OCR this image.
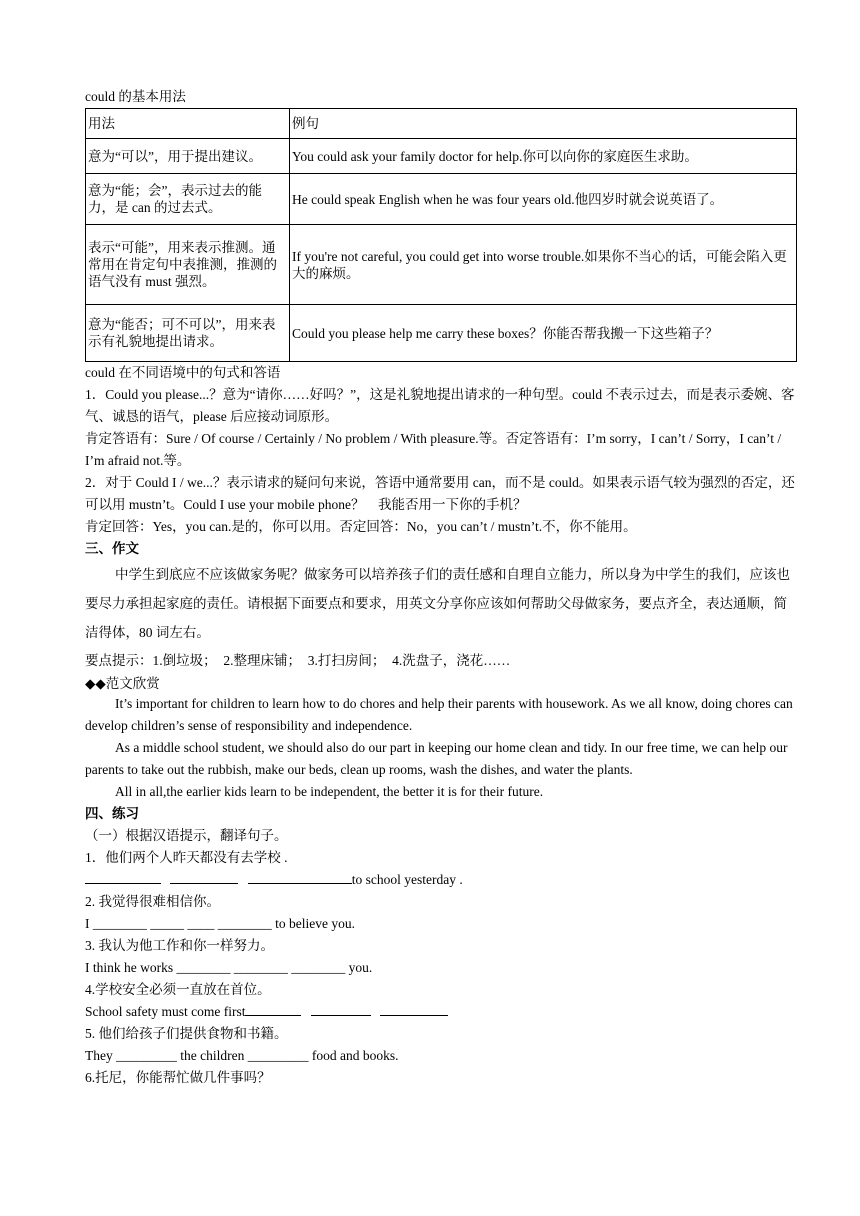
could 的基本用法
用法	例句
意为“可以”，用于提出建议。	You could ask your family doctor for help.你可以向你的家庭医生求助。
意为“能；会”，表示过去的能力，是 can 的过去式。	He could speak English when he was four years old.他四岁时就会说英语了。
表示“可能”，用来表示推测。通常用在肯定句中表推测，推测的语气没有 must 强烈。	If you're not careful, you could get into worse trouble.如果你不当心的话，可能会陷入更大的麻烦。
意为“能否；可不可以”，用来表示有礼貌地提出请求。	Could you please help me carry these boxes？你能否帮我搬一下这些箱子？
could 在不同语境中的句式和答语
1．Could you please...？意为“请你……好吗？”，这是礼貌地提出请求的一种句型。could 不表示过去，而是表示委婉、客气、诚恳的语气，please 后应接动词原形。
肯定答语有：Sure / Of course / Certainly / No problem / With pleasure.等。否定答语有：I’m sorry，I can’t / Sorry，I can’t / I’m afraid not.等。
2．对于 Could I / we...？表示请求的疑问句来说，答语中通常要用 can，而不是 could。如果表示语气较为强烈的否定，还可以用 mustn’t。Could I use your mobile phone？　我能否用一下你的手机？
肯定回答：Yes，you can.是的，你可以用。否定回答：No，you can’t / mustn’t.不，你不能用。
三、作文
中学生到底应不应该做家务呢？做家务可以培养孩子们的责任感和自理自立能力，所以身为中学生的我们，应该也要尽力承担起家庭的责任。请根据下面要点和要求，用英文分享你应该如何帮助父母做家务，要点齐全，表达通顺，简洁得体，80 词左右。
要点提示：1.倒垃圾；　2.整理床铺；　3.打扫房间；　4.洗盘子，浇花……
◆◆范文欣赏
It’s important for children to learn how to do chores and help their parents with housework. As we all know, doing chores can develop children’s sense of responsibility and independence.
As a middle school student, we should also do our part in keeping our home clean and tidy. In our free time, we can help our parents to take out the rubbish, make our beds, clean up rooms, wash the dishes, and water the plants.
All in all,the earlier kids learn to be independent, the better it is for their future.
四、练习
（一）根据汉语提示，翻译句子。
1．他们两个人昨天都没有去学校 .
to school yesterday .
2. 我觉得很难相信你。
I ________ _____ ____ ________ to believe you.
3. 我认为他工作和你一样努力。
I think he works ________ ________ ________ you.
4.学校安全必须一直放在首位。
School safety must come first
5. 他们给孩子们提供食物和书籍。
They _________ the children _________ food and books.
6.托尼，你能帮忙做几件事吗？
